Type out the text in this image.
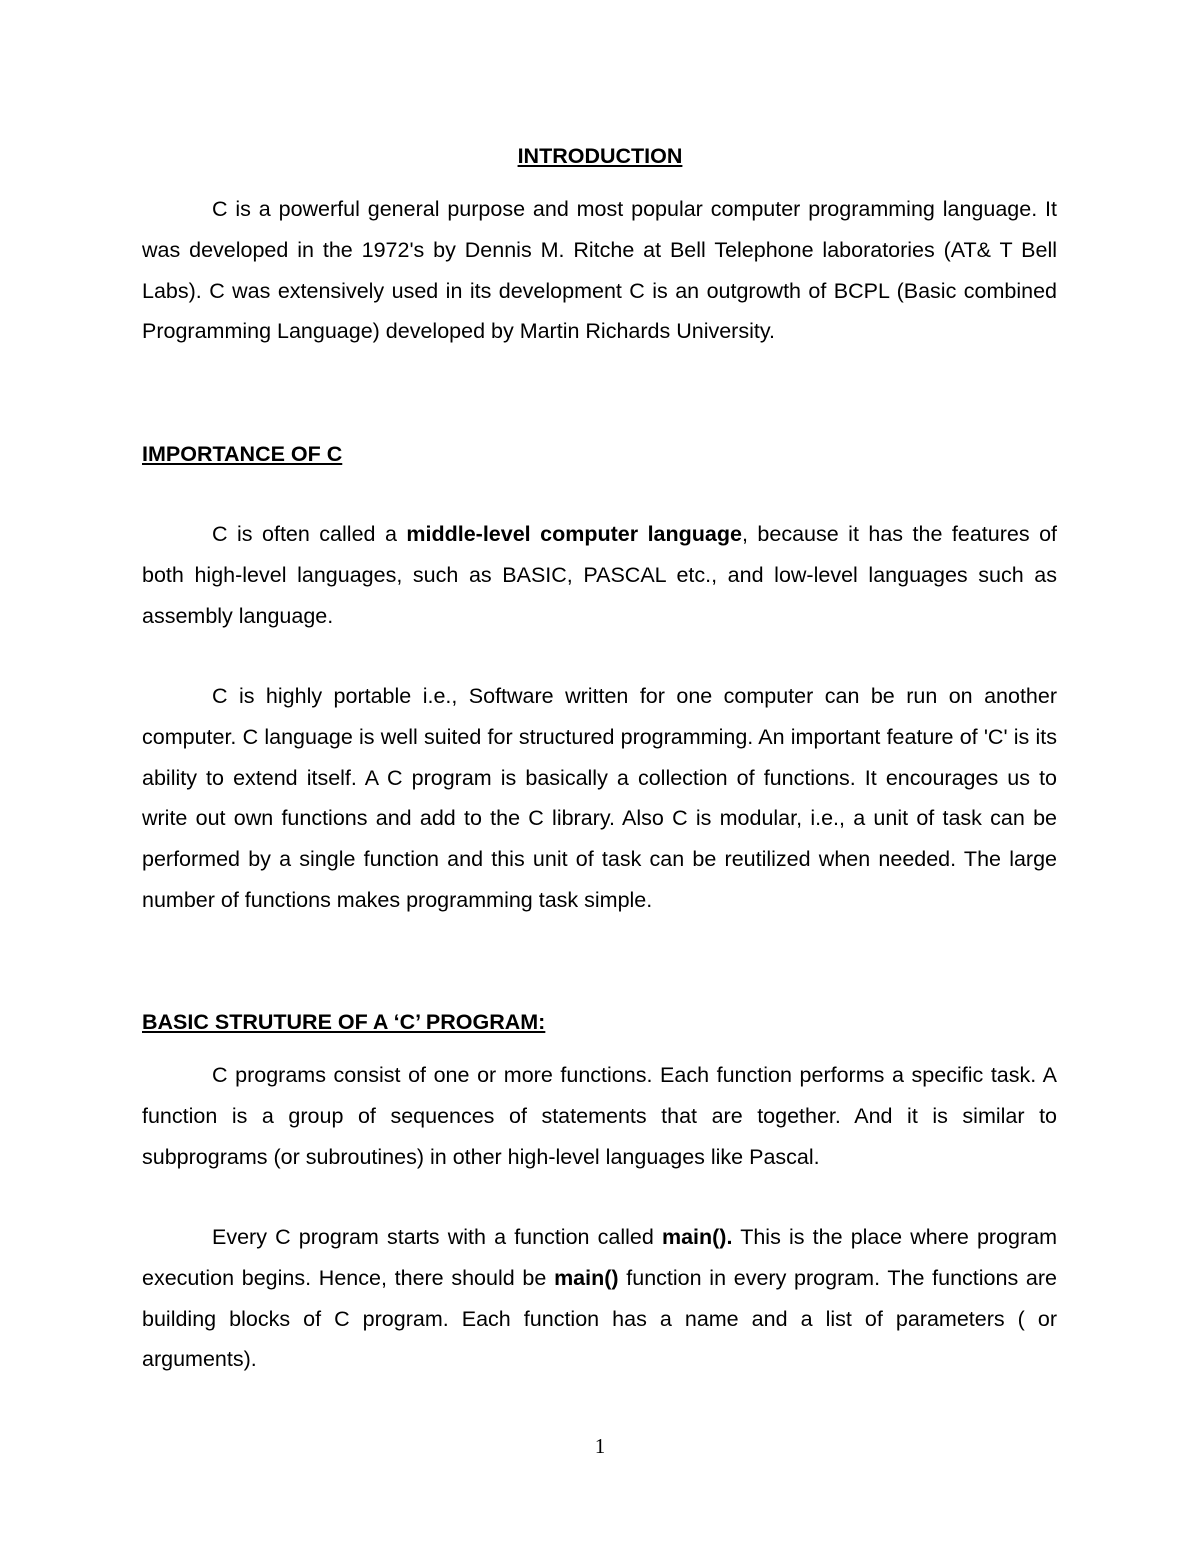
INTRODUCTION

C is a powerful general purpose and most popular computer programming language. It was developed in the 1972's by Dennis M. Ritche at Bell Telephone laboratories (AT& T Bell Labs). C was extensively used in its development C is an outgrowth of BCPL (Basic combined Programming Language) developed by Martin Richards University.

IMPORTANCE OF C

C is often called a middle-level computer language, because it has the features of both high-level languages, such as BASIC, PASCAL etc., and low-level languages such as assembly language.

C is highly portable i.e., Software written for one computer can be run on another computer. C language is well suited for structured programming. An important feature of 'C' is its ability to extend itself. A C program is basically a collection of functions. It encourages us to write out own functions and add to the C library. Also C is modular, i.e., a unit of task can be performed by a single function and this unit of task can be reutilized when needed. The large number of functions makes programming task simple.

BASIC STRUTURE OF A ‘C’ PROGRAM:

C programs consist of one or more functions. Each function performs a specific task. A function is a group of sequences of statements that are together. And it is similar to subprograms (or subroutines) in other high-level languages like Pascal.

Every C program starts with a function called main(). This is the place where program execution begins. Hence, there should be main() function in every program. The functions are building blocks of C program. Each function has a name and a list of parameters ( or arguments).

1
